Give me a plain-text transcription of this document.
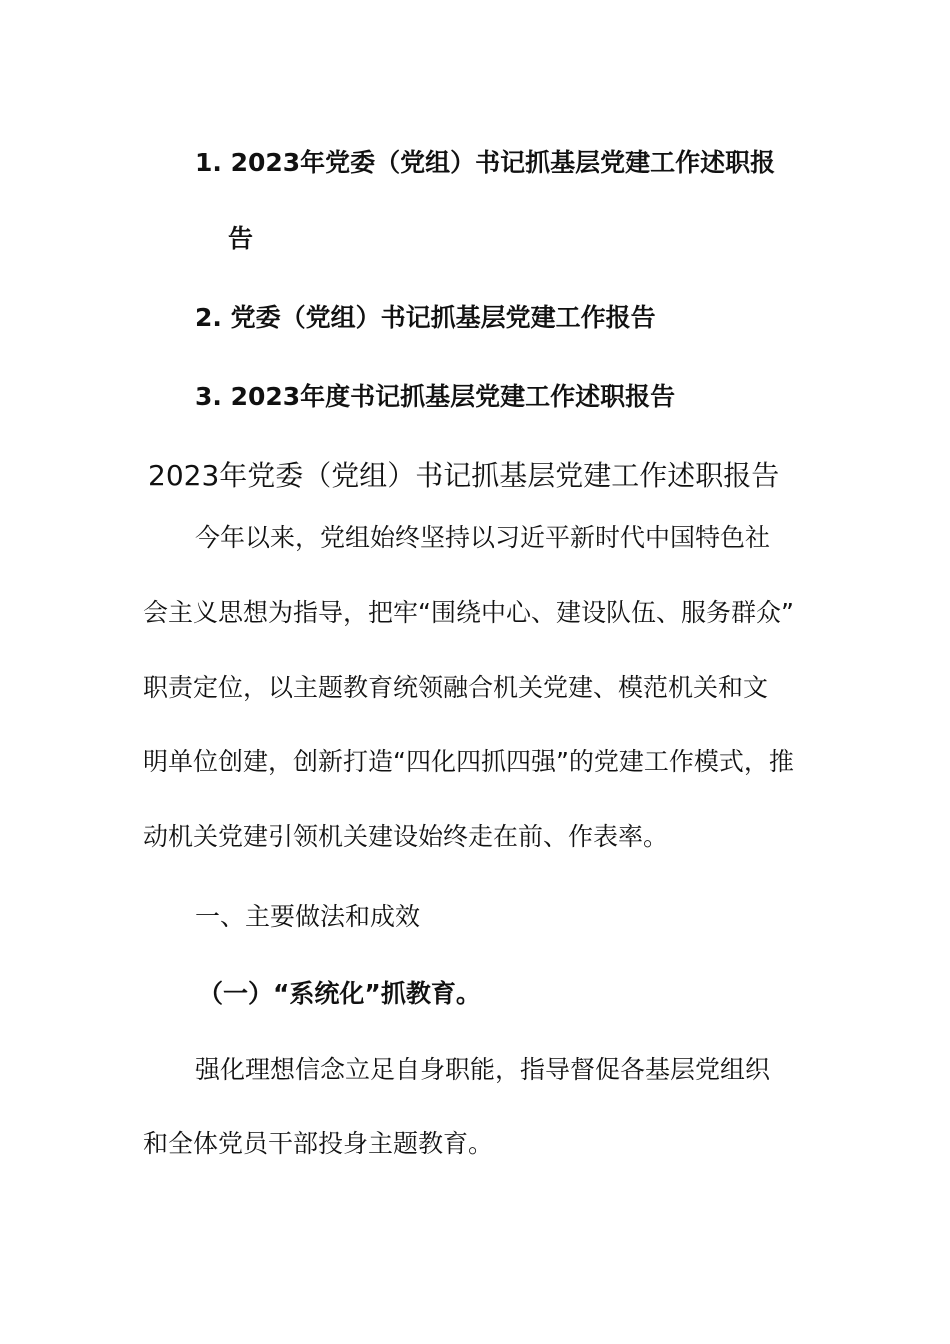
1. 2023年党委（党组）书记抓基层党建工作述职报

告

2. 党委（党组）书记抓基层党建工作报告

3. 2023年度书记抓基层党建工作述职报告

2023年党委（党组）书记抓基层党建工作述职报告

今年以来，党组始终坚持以习近平新时代中国特色社

会主义思想为指导，把牢“围绕中心、建设队伍、服务群众”

职责定位，以主题教育统领融合机关党建、模范机关和文

明单位创建，创新打造“四化四抓四强”的党建工作模式，推

动机关党建引领机关建设始终走在前、作表率。

一、主要做法和成效

（一）“系统化”抓教育。

强化理想信念立足自身职能，指导督促各基层党组织

和全体党员干部投身主题教育。
